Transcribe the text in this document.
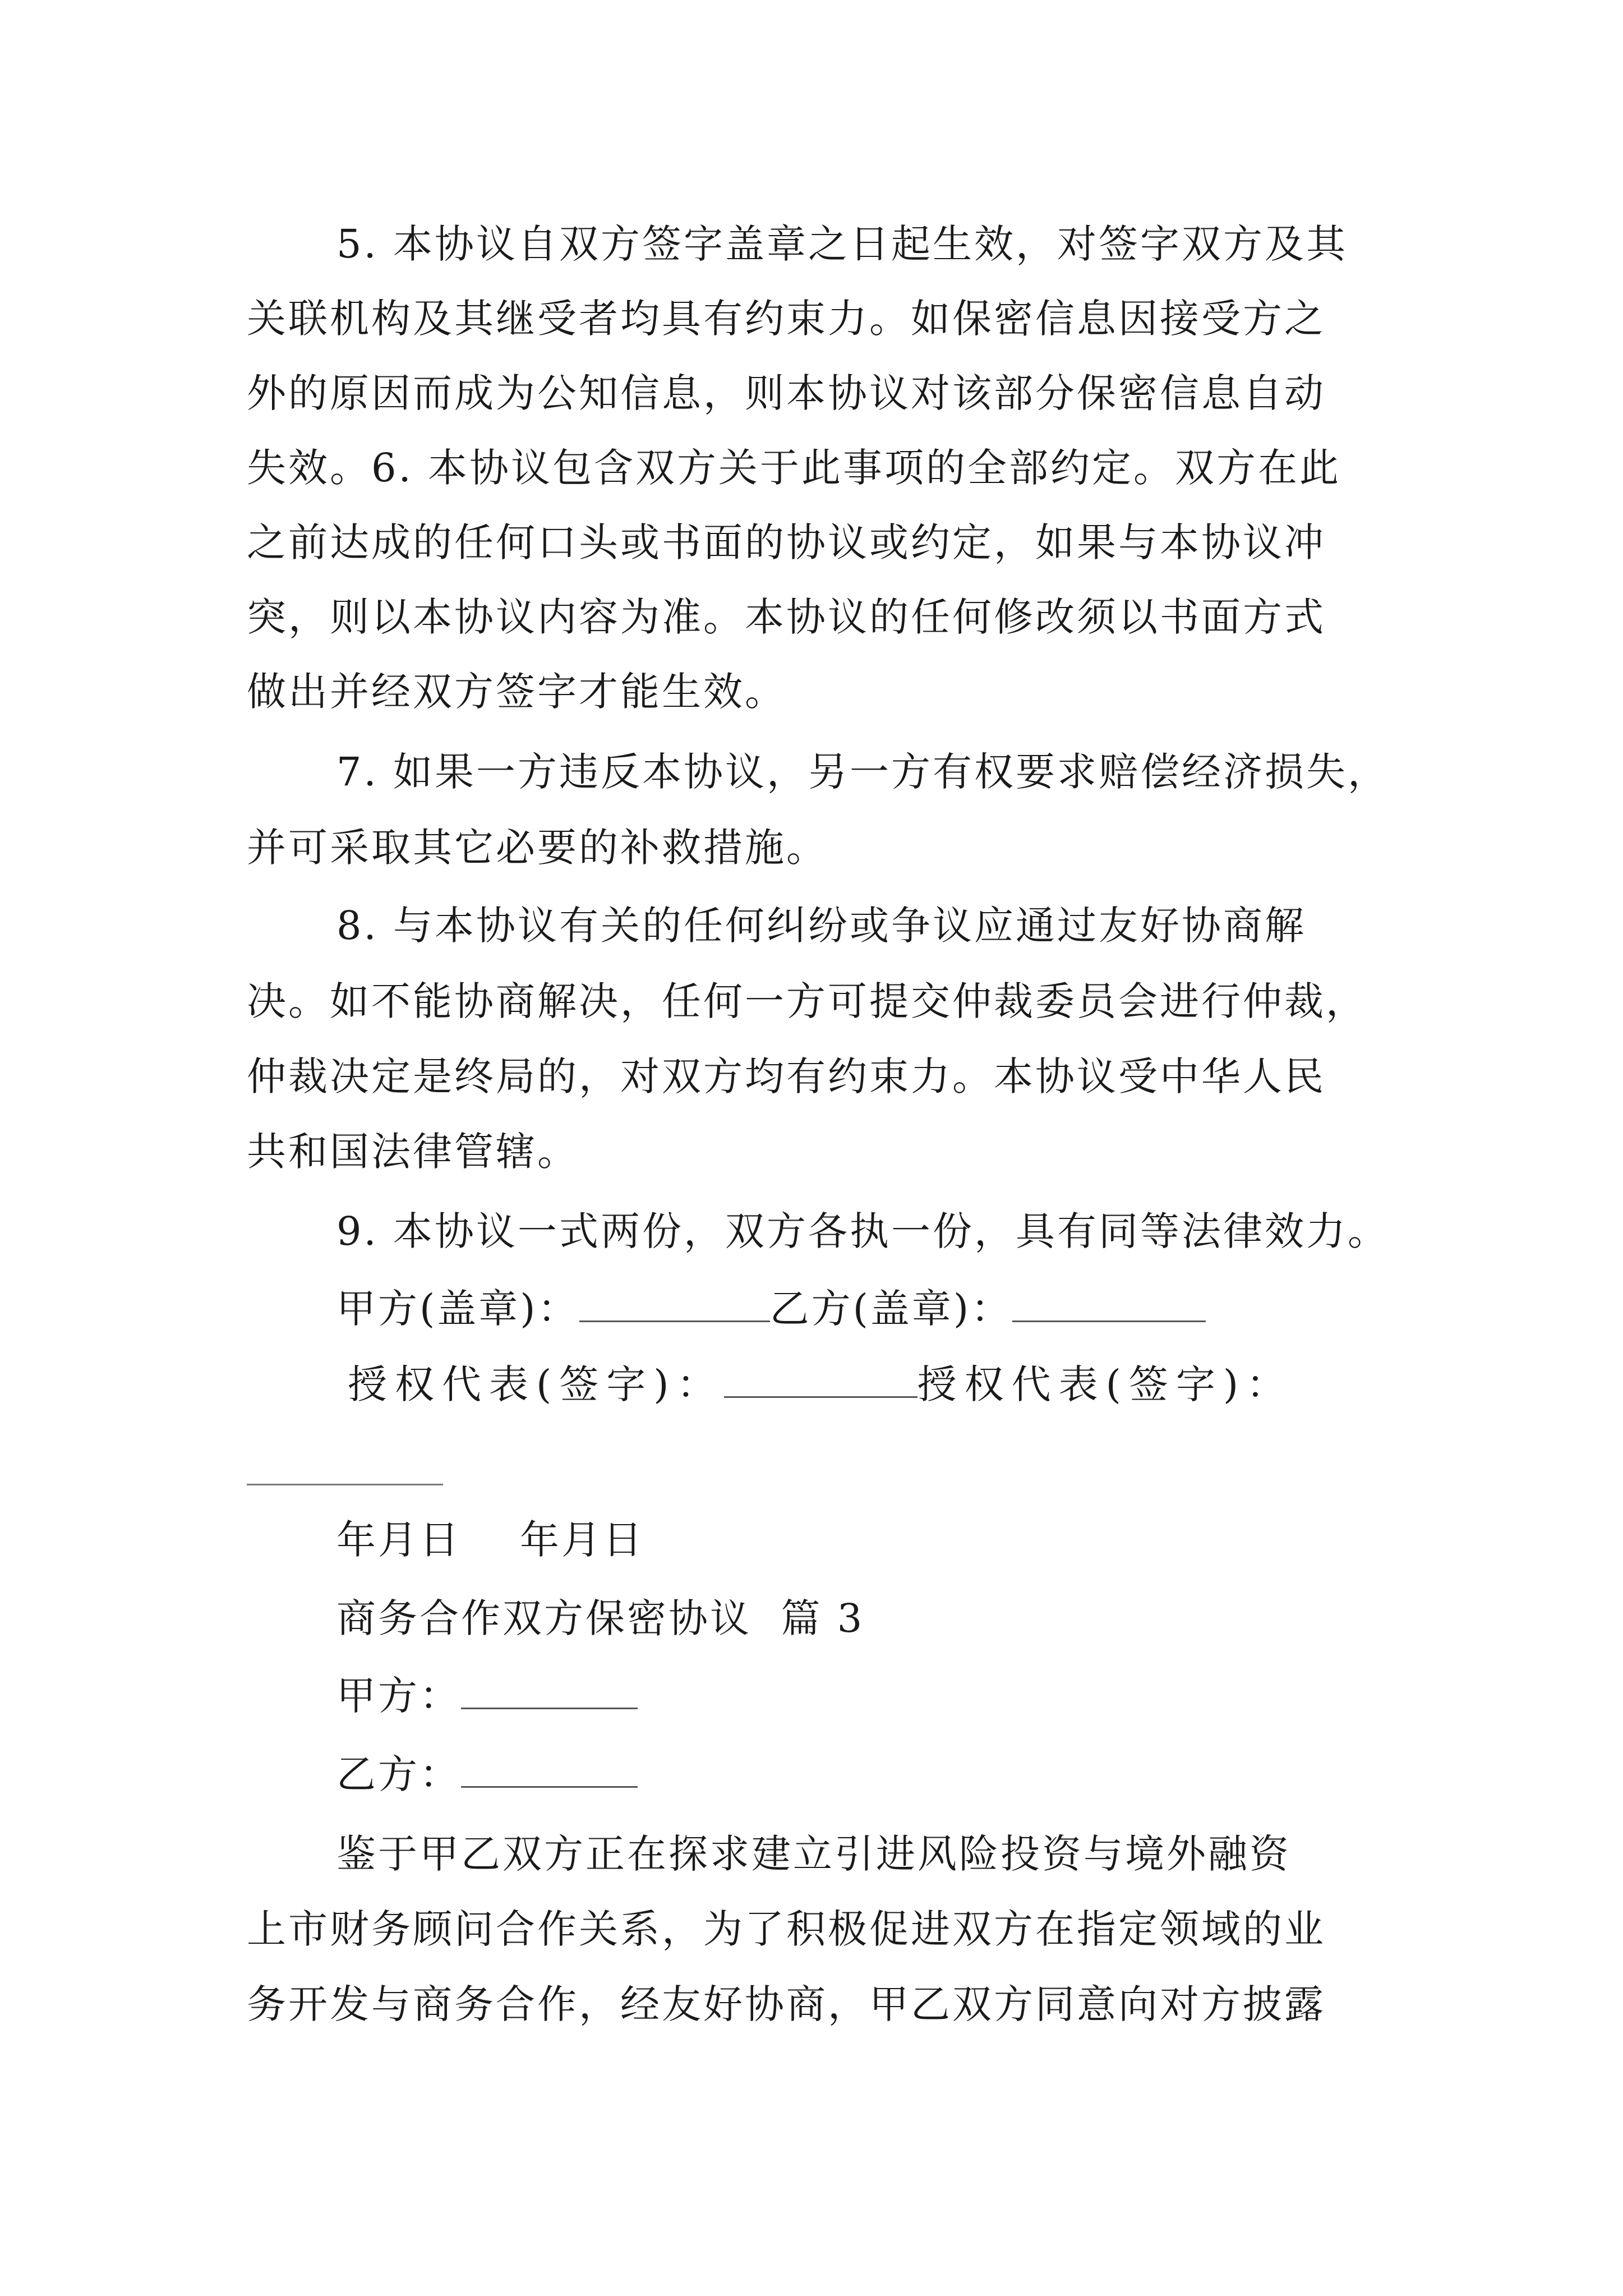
5. 本协议自双方签字盖章之日起生效，对签字双方及其
关联机构及其继受者均具有约束力。如保密信息因接受方之
外的原因而成为公知信息，则本协议对该部分保密信息自动
失效。6. 本协议包含双方关于此事项的全部约定。双方在此
之前达成的任何口头或书面的协议或约定，如果与本协议冲
突，则以本协议内容为准。本协议的任何修改须以书面方式
做出并经双方签字才能生效。
7. 如果一方违反本协议，另一方有权要求赔偿经济损失，
并可采取其它必要的补救措施。
8. 与本协议有关的任何纠纷或争议应通过友好协商解
决。如不能协商解决，任何一方可提交仲裁委员会进行仲裁，
仲裁决定是终局的，对双方均有约束力。本协议受中华人民
共和国法律管辖。
9. 本协议一式两份，双方各执一份，具有同等法律效力。
甲方(盖章)：	乙方(盖章)：
授权代表(签字)：	授权代表(签字)：
年月日    年月日
商务合作双方保密协议  篇 3
甲方：
乙方：
鉴于甲乙双方正在探求建立引进风险投资与境外融资
上市财务顾问合作关系，为了积极促进双方在指定领域的业
务开发与商务合作，经友好协商，甲乙双方同意向对方披露
